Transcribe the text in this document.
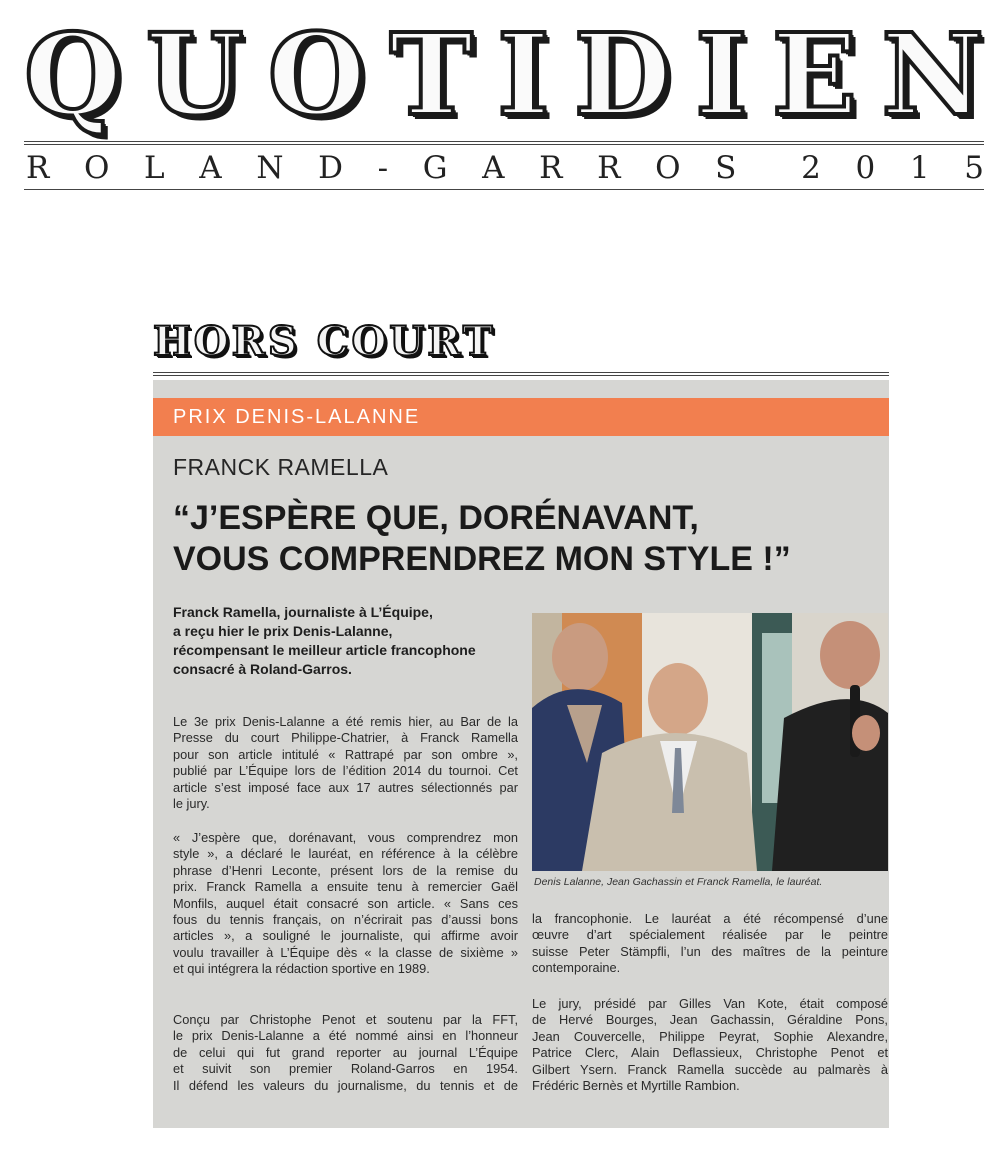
Q U O T I D I E N
R O L A N D - G A R R O S 2 0 1 5
HORS COURT
PRIX DENIS-LALANNE
FRANCK RAMELLA
“J’ESPÈRE QUE, DORÉNAVANT,
VOUS COMPRENDREZ MON STYLE !”
Franck Ramella, journaliste à L’Équipe,
a reçu hier le prix Denis-Lalanne,
récompensant le meilleur article francophone
consacré à Roland-Garros.

Le 3e prix Denis-Lalanne a été remis hier, au Bar de la
Presse du court Philippe-Chatrier, à Franck Ramella
pour son article intitulé « Rattrapé par son ombre »,
publié par L’Équipe lors de l’édition 2014 du tournoi. Cet
article s’est imposé face aux 17 autres sélectionnés par
le jury.

« J’espère que, dorénavant, vous comprendrez mon
style », a déclaré le lauréat, en référence à la célèbre
phrase d’Henri Leconte, présent lors de la remise du
prix. Franck Ramella a ensuite tenu à remercier Gaël
Monfils, auquel était consacré son article. « Sans ces
fous du tennis français, on n’écrirait pas d’aussi bons
articles », a souligné le journaliste, qui affirme avoir
voulu travailler à L’Équipe dès « la classe de sixième »
et qui intégrera la rédaction sportive en 1989.

Conçu par Christophe Penot et soutenu par la FFT,
le prix Denis-Lalanne a été nommé ainsi en l’honneur
de celui qui fut grand reporter au journal L’Équipe
et suivit son premier Roland-Garros en 1954.
Il défend les valeurs du journalisme, du tennis et de

Denis Lalanne, Jean Gachassin et Franck Ramella, le lauréat.

la francophonie. Le lauréat a été récompensé d’une
œuvre d’art spécialement réalisée par le peintre
suisse Peter Stämpfli, l’un des maîtres de la peinture
contemporaine.

Le jury, présidé par Gilles Van Kote, était composé
de Hervé Bourges, Jean Gachassin, Géraldine Pons,
Jean Couvercelle, Philippe Peyrat, Sophie Alexandre,
Patrice Clerc, Alain Deflassieux, Christophe Penot et
Gilbert Ysern. Franck Ramella succède au palmarès à
Frédéric Bernès et Myrtille Rambion.
